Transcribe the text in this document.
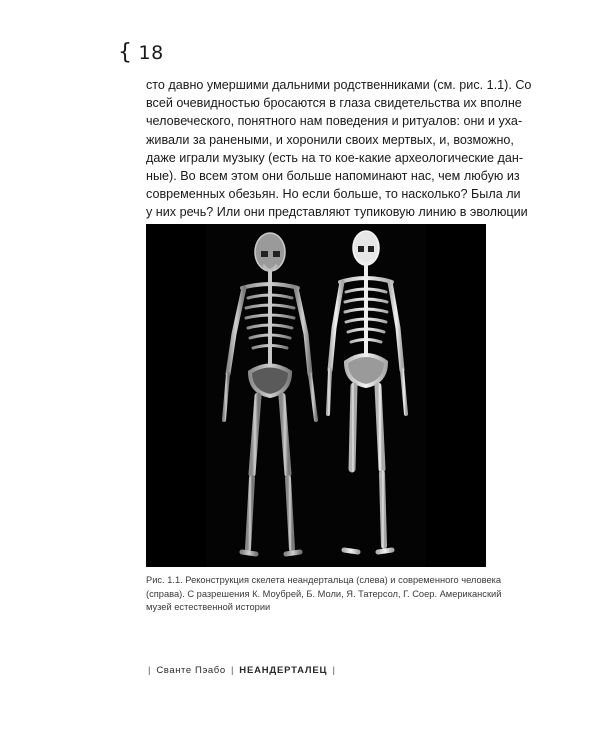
{ 18
сто давно умершими дальними родственниками (см. рис. 1.1). Со
всей очевидностью бросаются в глаза свидетельства их вполне
человеческого, понятного нам поведения и ритуалов: они и уха-
живали за ранеными, и хоронили своих мертвых, и, возможно,
даже играли музыку (есть на то кое-какие археологические дан-
ные). Во всем этом они больше напоминают нас, чем любую из
современных обезьян. Но если больше, то насколько? Была ли
у них речь? Или они представляют тупиковую линию в эволюции
Рис. 1.1. Реконструкция скелета неандертальца (слева) и современного человека
(справа). С разрешения К. Моубрей, Б. Моли, Я. Татерсол, Г. Соер. Американский
музей естественной истории
| Сванте Пэабо | НЕАНДЕРТАЛЕЦ |
